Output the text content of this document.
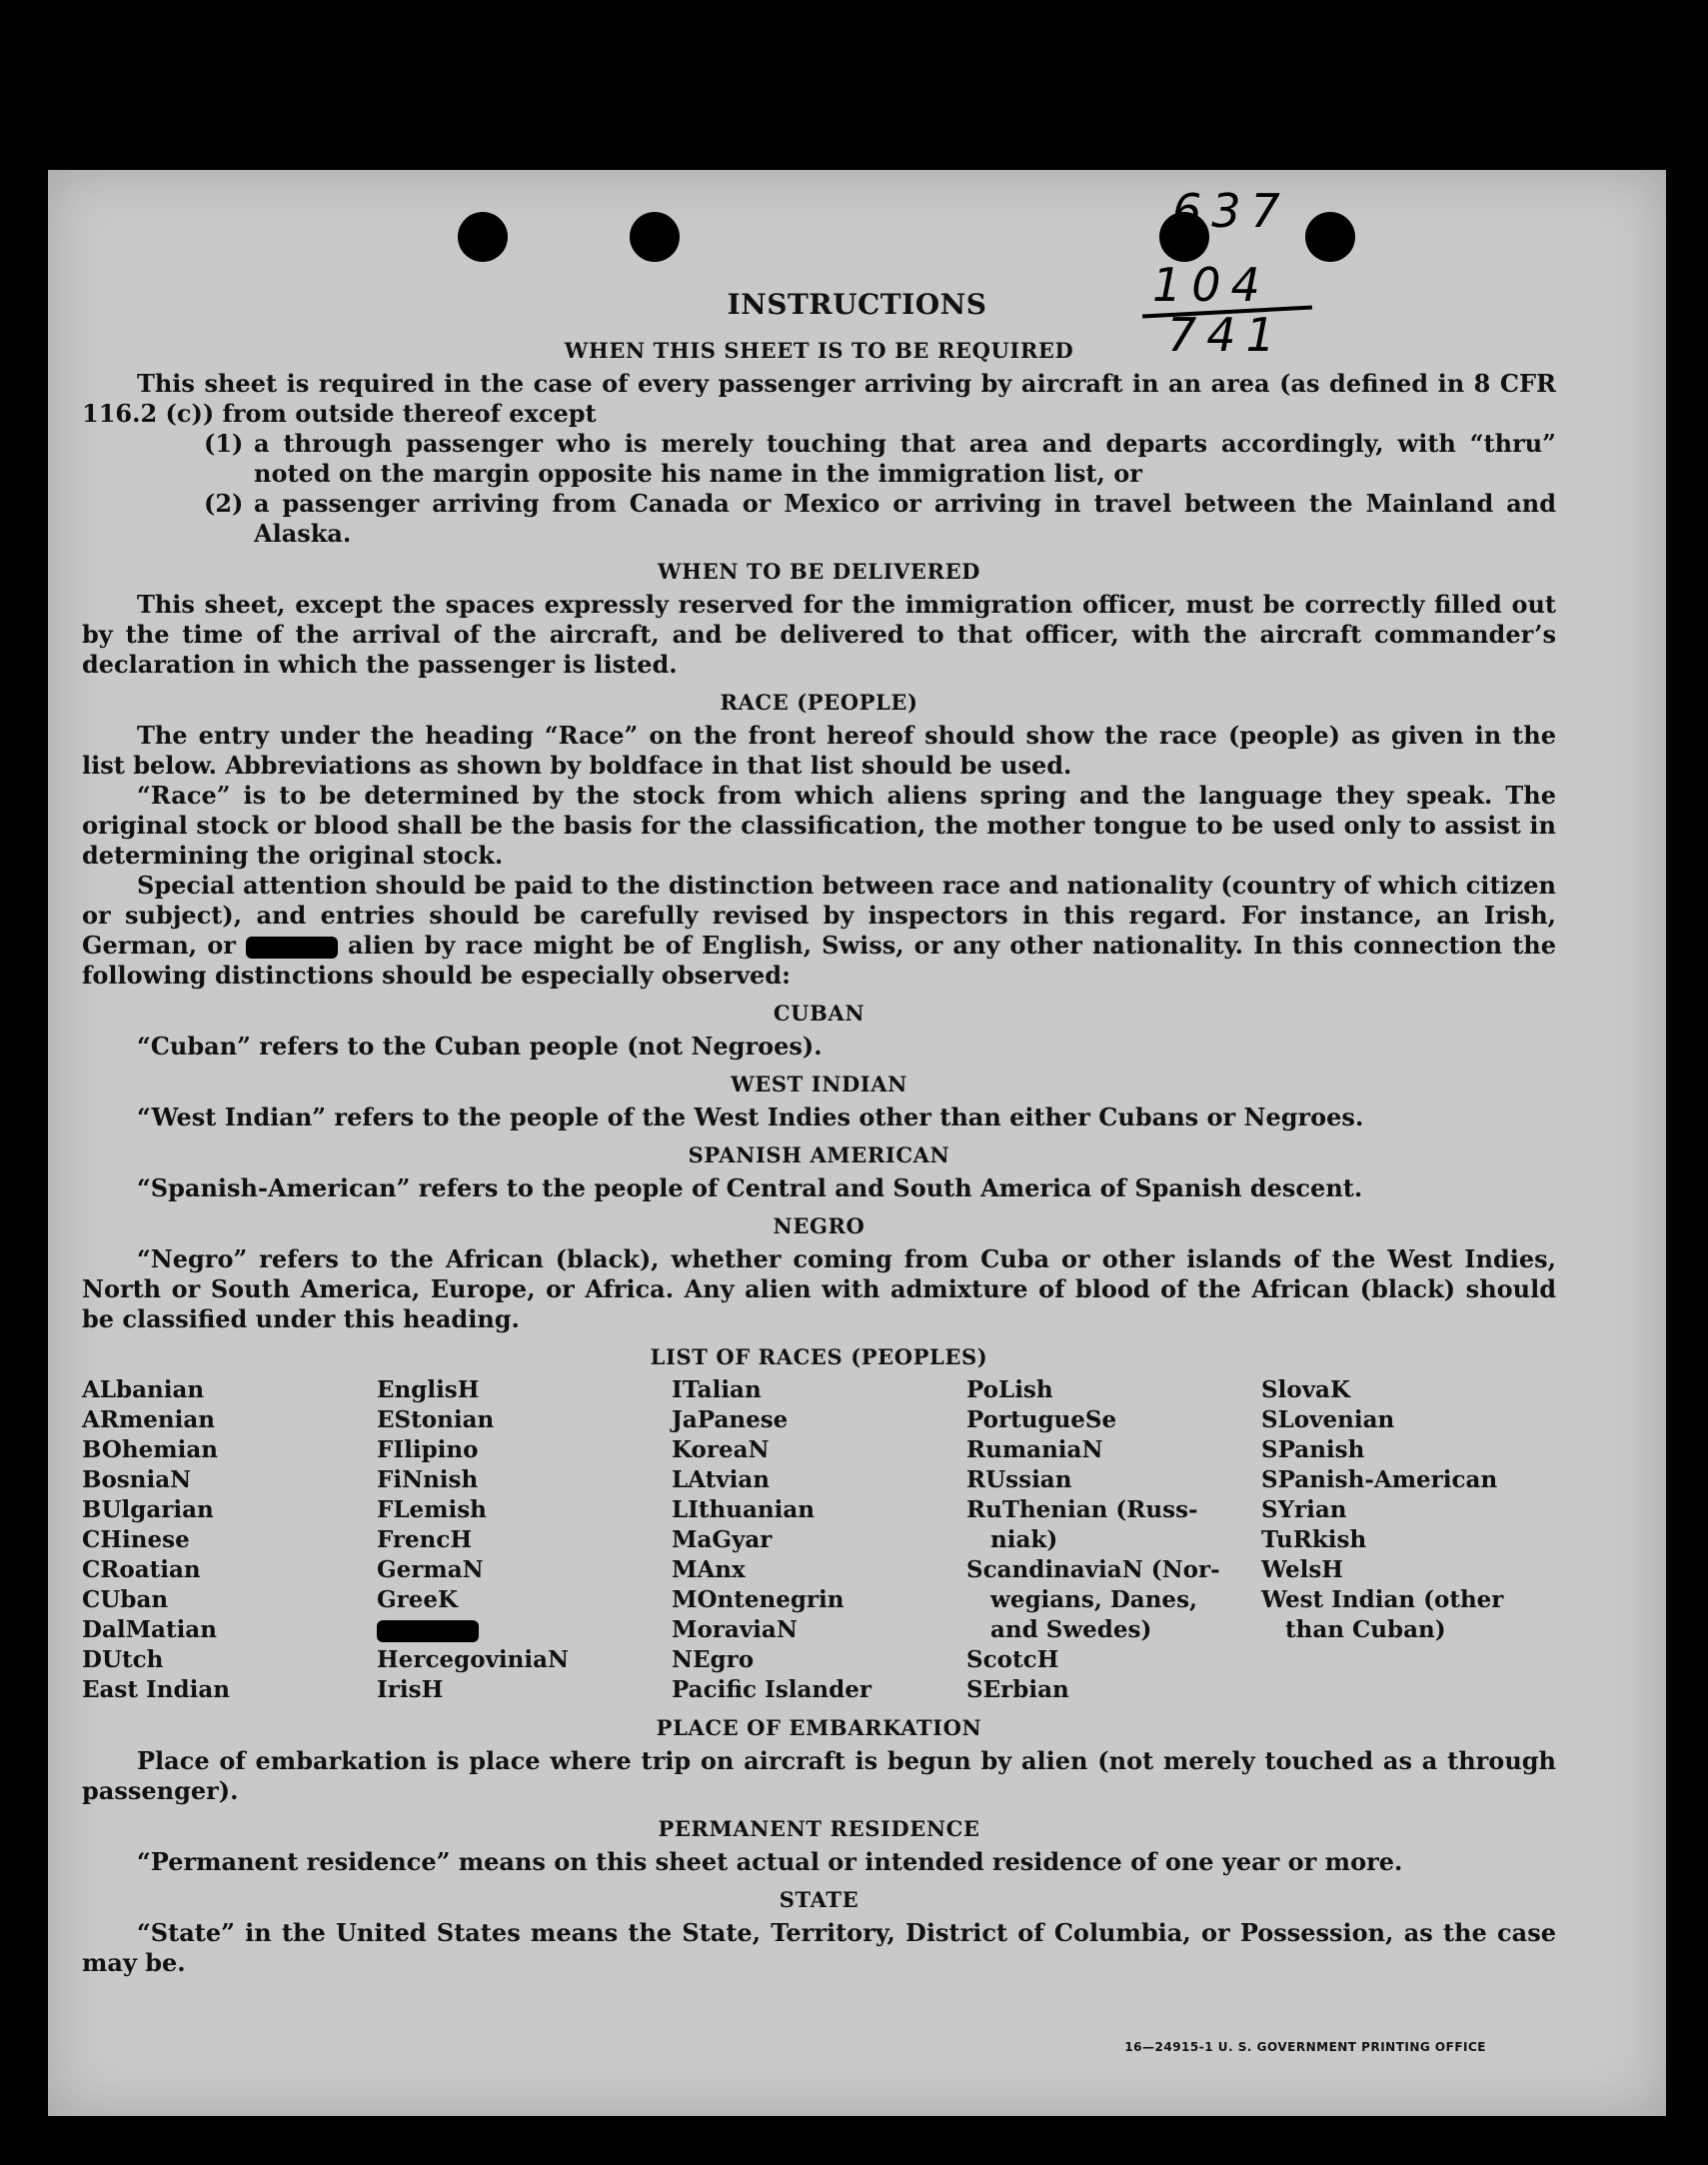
637
104
741
INSTRUCTIONS
WHEN THIS SHEET IS TO BE REQUIRED

This sheet is required in the case of every passenger arriving by aircraft in an area (as defined in 8 CFR 116.2 (c)) from outside thereof except

(1) a through passenger who is merely touching that area and departs accordingly, with “thru” noted on the margin opposite his name in the immigration list, or
(2) a passenger arriving from Canada or Mexico or arriving in travel between the Mainland and Alaska.
WHEN TO BE DELIVERED

This sheet, except the spaces expressly reserved for the immigration officer, must be correctly filled out by the time of the arrival of the aircraft, and be delivered to that officer, with the aircraft commander’s declaration in which the passenger is listed.

RACE (PEOPLE)

The entry under the heading “Race” on the front hereof should show the race (people) as given in the list below. Abbreviations as shown by boldface in that list should be used.

“Race” is to be determined by the stock from which aliens spring and the language they speak. The original stock or blood shall be the basis for the classification, the mother tongue to be used only to assist in determining the original stock.

Special attention should be paid to the distinction between race and nationality (country of which citizen or subject), and entries should be carefully revised by inspectors in this regard. For instance, an Irish, German, or	alien by race might be of English, Swiss, or any other nationality. In this connection the following distinctions should be especially observed:

CUBAN

“Cuban” refers to the Cuban people (not Negroes).

WEST INDIAN

“West Indian” refers to the people of the West Indies other than either Cubans or Negroes.

SPANISH AMERICAN

“Spanish-American” refers to the people of Central and South America of Spanish descent.

NEGRO

“Negro” refers to the African (black), whether coming from Cuba or other islands of the West Indies, North or South America, Europe, or Africa. Any alien with admixture of blood of the African (black) should be classified under this heading.

LIST OF RACES (PEOPLES)
ALbanian
ARmenian
BOhemian
BosniaN
BUlgarian
CHinese
CRoatian
CUban
DalMatian
DUtch
East Indian
EnglisH
EStonian
FIlipino
FiNnish
FLemish
FrencH
GermaN
GreeK
HercegoviniaN
IrisH
ITalian
JaPanese
KoreaN
LAtvian
LIthuanian
MaGyar
MAnx
MOntenegrin
MoraviaN
NEgro
Pacific Islander
PoLish
PortugueSe
RumaniaN
RUssian
RuThenian (Russ-
niak)
ScandinaviaN (Nor-
wegians, Danes,
and Swedes)
ScotcH
SErbian
SlovaK
SLovenian
SPanish
SPanish-American
SYrian
TuRkish
WelsH
West Indian (other
than Cuban)
PLACE OF EMBARKATION

Place of embarkation is place where trip on aircraft is begun by alien (not merely touched as a through passenger).

PERMANENT RESIDENCE

“Permanent residence” means on this sheet actual or intended residence of one year or more.

STATE

“State” in the United States means the State, Territory, District of Columbia, or Possession, as the case may be.

16—24915-1 U. S. GOVERNMENT PRINTING OFFICE
